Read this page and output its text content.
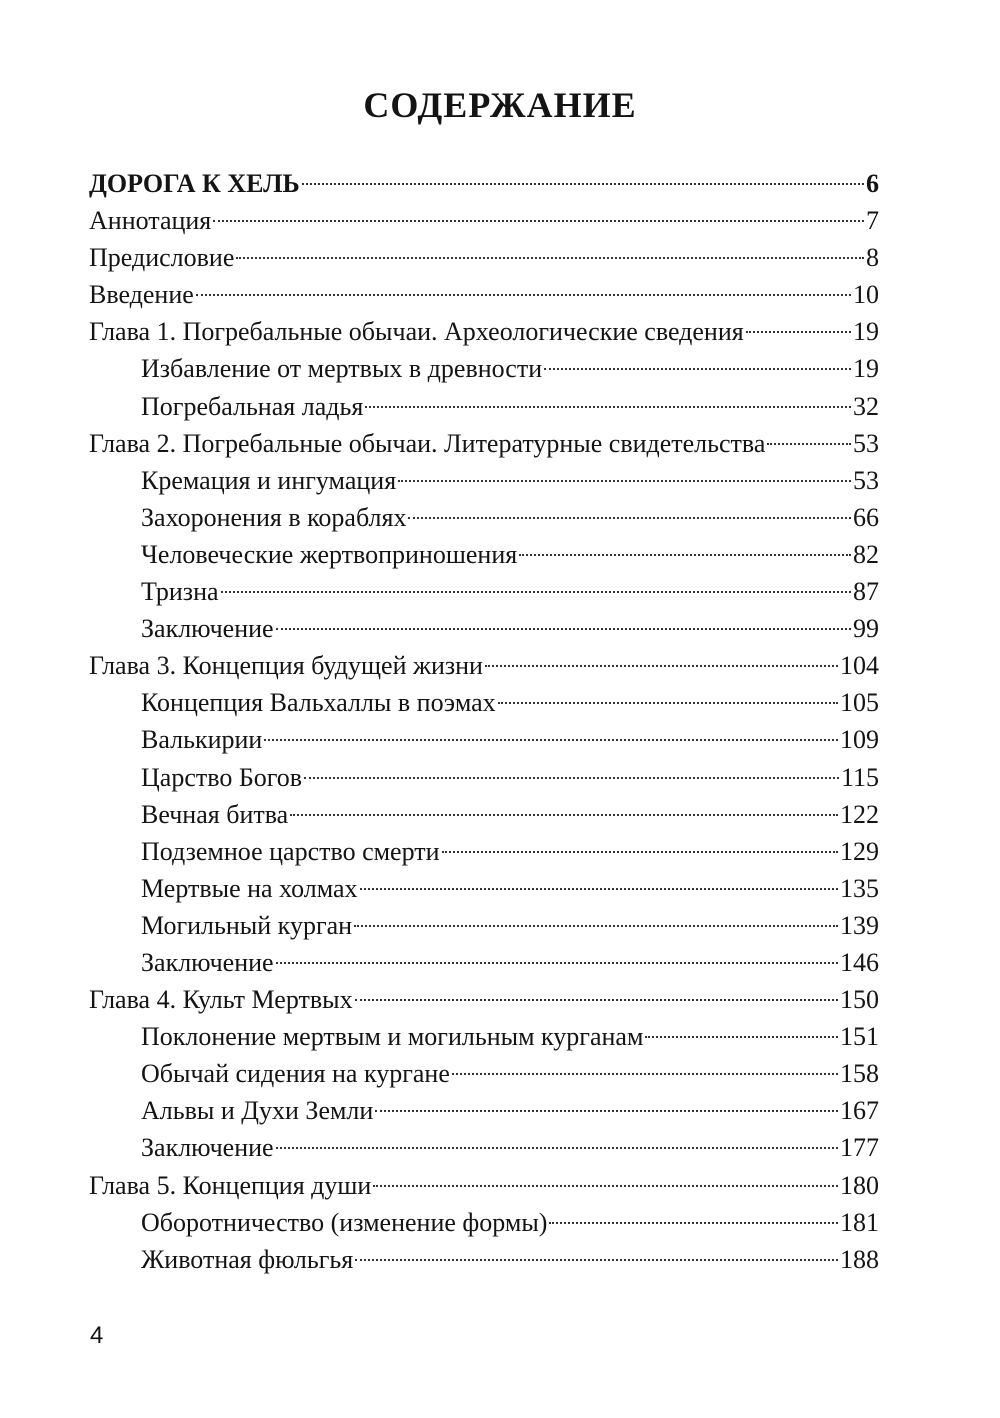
СОДЕРЖАНИЕ
ДОРОГА К ХЕЛЬ	6
Аннотация	7
Предисловие	8
Введение	10
Глава 1. Погребальные обычаи. Археологические сведения	19
Избавление от мертвых в древности	19
Погребальная ладья	32
Глава 2. Погребальные обычаи. Литературные свидетельства	53
Кремация и ингумация	53
Захоронения в кораблях	66
Человеческие жертвоприношения	82
Тризна	87
Заключение	99
Глава 3. Концепция будущей жизни	104
Концепция Вальхаллы в поэмах	105
Валькирии	109
Царство Богов	115
Вечная битва	122
Подземное царство смерти	129
Мертвые на холмах	135
Могильный курган	139
Заключение	146
Глава 4. Культ Мертвых	150
Поклонение мертвым и могильным курганам	151
Обычай сидения на кургане	158
Альвы и Духи Земли	167
Заключение	177
Глава 5. Концепция души	180
Оборотничество (изменение формы)	181
Животная фюльгья	188
4
